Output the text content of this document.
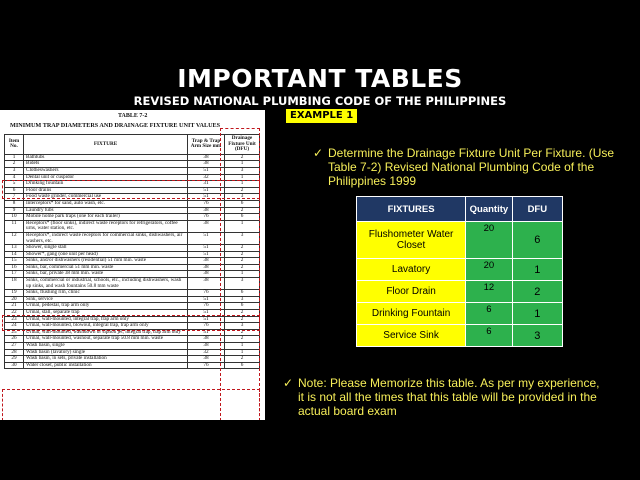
IMPORTANT TABLES
REVISED NATIONAL PLUMBING CODE OF THE PHILIPPINES
EXAMPLE 1
TABLE 7-2
MINIMUM TRAP DIAMETERS AND DRAINAGE FIXTURE UNIT VALUES
Item No.	FIXTURE	Trap & Trap Arm Size mm	Drainage Fixture Unit (DFU)
1	Bathtubs	38	2
2	Bidets	38	1
3	Clotheswashers	51	3
4	Dental unit or cuspidor	32	1
5	Drinking fountain	31	1
6	Floor drains	51	2
7	Food waste grinder, commercial use	51	3
8	Interceptors* for sand, auto wash, etc.	76	6
9	Laundry tubs	38	2
10	Mobile home park traps (one for each trailer)	76	6
11	Receptors* (floor sinks), indirect waste receptors for refrigerators, coffee urns, water station, etc.	38	1
12	Receptors*, indirect waste receptors for commercial sinks, dishwashers, air washers, etc.	51	3
13	Shower, single stall	51	2
14	Shower*, gang (one unit per head)	51	2
15	Sinks, and/or dishwashers (residential) 51 mm min. waste	38	2
16	Sinks, bar, commercial 51 mm min. waste	38	2
17	Sinks, bar, private 38 mm min. waste	38	1
18	Sinks, commercial or industrial, schools, etc., including dishwashers, wash up sinks, and wash fountains 50.8 mm waste	38	3
19	Sinks, flushing rim, clinic	76	6
20	Sink, service	51	3
21	Urinal, pedestal, trap arm only	76	6
22	Urinal, stall, separate trap	51	2
23	Urinal, wall-mounted, integral trap, trap arm only	51	2
24	Urinal, wall-mounted, blowout, integral trap, trap arm only	76	3
25	Urinal, wall-mounted, washdown or siphon jet, integral trap, trap arm only	51	2
26	Urinal, wall-mounted, washout, separate trap 50.8 mm min. waste	38	2
27	Wash basin, single	38	1
28	Wash basin (lavatory) single	32	1
29	Wash basin, in sets, private installation	38	2
30	Water closet, public installation	76	6
✓ Determine the Drainage Fixture Unit Per Fixture. (Use Table 7-2) Revised National Plumbing Code of the Philippines 1999
FIXTURES	Quantity	DFU
Flushometer Water Closet	20	6
Lavatory	20	1
Floor Drain	12	2
Drinking Fountain	6	1
Service Sink	6	3
✓ Note: Please Memorize this table. As per my experience, it is not all the times that this table will be provided in the actual board exam
